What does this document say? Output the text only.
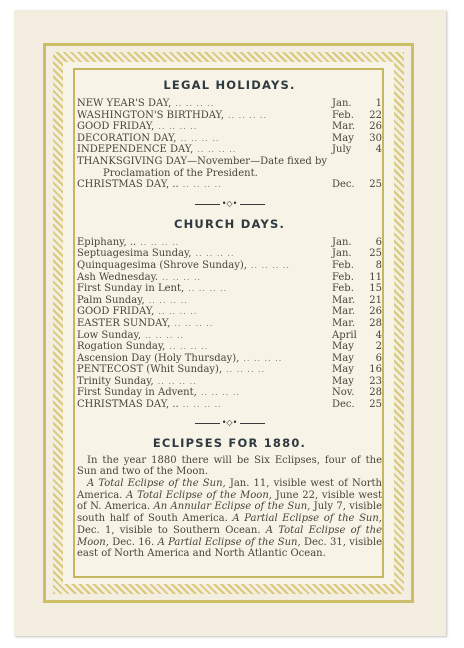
LEGAL HOLIDAYS.
NEW YEAR'S DAY, .. .. .. ..	Jan.	1
WASHINGTON'S BIRTHDAY, .. .. .. ..	Feb.	22
GOOD FRIDAY, .. .. .. ..	Mar.	26
DECORATION DAY, .. .. .. ..	May	30
INDEPENDENCE DAY, .. .. .. ..	July	4
THANKSGIVING DAY—November—Date fixed by
Proclamation of the President.
CHRISTMAS DAY, .. .. .. .. ..	Dec.	25
•◇•
CHURCH DAYS.
Epiphany, .. .. .. .. ..	Jan.	6
Septuagesima Sunday, .. .. .. ..	Jan.	25
Quinquagesima (Shrove Sunday), .. .. .. ..	Feb.	8
Ash Wednesday. .. .. .. ..	Feb.	11
First Sunday in Lent, .. .. .. ..	Feb.	15
Palm Sunday, .. .. .. ..	Mar.	21
GOOD FRIDAY, .. .. .. ..	Mar.	26
EASTER SUNDAY, .. .. .. ..	Mar.	28
Low Sunday, .. .. .. ..	April	4
Rogation Sunday, .. .. .. ..	May	2
Ascension Day (Holy Thursday), .. .. .. ..	May	6
PENTECOST (Whit Sunday), .. .. .. ..	May	16
Trinity Sunday, .. .. .. ..	May	23
First Sunday in Advent, .. .. .. ..	Nov.	28
CHRISTMAS DAY, .. .. .. .. ..	Dec.	25
•◇•
ECLIPSES FOR 1880.
In the year 1880 there will be Six Eclipses, four of the Sun and two of the Moon.
A Total Eclipse of the Sun, Jan. 11, visible west of North America. A Total Eclipse of the Moon, June 22, visible west of N. America. An Annular Eclipse of the Sun, July 7, visible south half of South America. A Partial Eclipse of the Sun, Dec. 1, visible to Southern Ocean. A Total Eclipse of the Moon, Dec. 16. A Partial Eclipse of the Sun, Dec. 31, visible east of North America and North Atlantic Ocean.
